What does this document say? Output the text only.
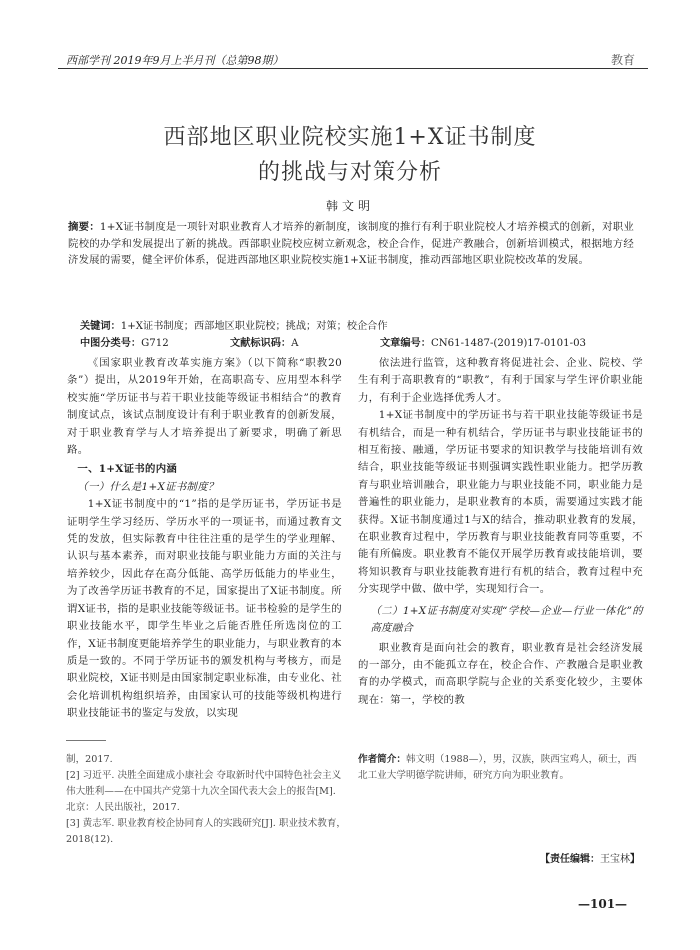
西部学刊 2019年9月上半月刊（总第98期）	教育
西部地区职业院校实施1+X证书制度
的挑战与对策分析
韩文明
摘要：1+X证书制度是一项针对职业教育人才培养的新制度，该制度的推行有利于职业院校人才培养模式的创新，对职业院校的办学和发展提出了新的挑战。西部职业院校应树立新观念，校企合作，促进产教融合，创新培训模式，根据地方经济发展的需要，健全评价体系，促进西部地区职业院校实施1+X证书制度，推动西部地区职业院校改革的发展。
关键词：1+X证书制度；西部地区职业院校；挑战；对策；校企合作
中图分类号：G712	文献标识码：A	文章编号：CN61-1487-(2019)17-0101-03

《国家职业教育改革实施方案》（以下简称“职教20条”）提出，从2019年开始，在高职高专、应用型本科学校实施“学历证书与若干职业技能等级证书相结合”的教育制度试点，该试点制度设计有利于职业教育的创新发展，对于职业教育学与人才培养提出了新要求，明确了新思路。

一、1+X证书的内涵
（一）什么是1+X证书制度？

1+X证书制度中的“1”指的是学历证书，学历证书是证明学生学习经历、学历水平的一项证书，而通过教育文凭的发放，但实际教育中往往注重的是学生的学业理解、认识与基本素养，而对职业技能与职业能力方面的关注与培养较少，因此存在高分低能、高学历低能力的毕业生，为了改善学历证书教育的不足，国家提出了X证书制度。所谓X证书，指的是职业技能等级证书。证书检验的是学生的职业技能水平，即学生毕业之后能否胜任所选岗位的工作，X证书制度更能培养学生的职业能力，与职业教育的本质是一致的。不同于学历证书的颁发机构与考核方，而是职业院校，X证书则是由国家制定职业标准，由专业化、社会化培训机构组织培养，由国家认可的技能等级机构进行职业技能证书的鉴定与发放，以实现

依法进行监管，这种教育将促进社会、企业、院校、学生有利于高职教育的“职教”，有利于国家与学生评价职业能力，有利于企业选择优秀人才。

1+X证书制度中的学历证书与若干职业技能等级证书是有机结合，而是一种有机结合，学历证书与职业技能证书的相互衔接、融通，学历证书要求的知识教学与技能培训有效结合，职业技能等级证书则强调实践性职业能力。把学历教育与职业培训融合，职业能力与职业技能不同，职业能力是普遍性的职业能力，是职业教育的本质，需要通过实践才能获得。X证书制度通过1与X的结合，推动职业教育的发展，在职业教育过程中，学历教育与职业技能教育同等重要，不能有所偏废。职业教育不能仅开展学历教育或技能培训，要将知识教育与职业技能教育进行有机的结合，教育过程中充分实现学中做、做中学，实现知行合一。

（二）1+X证书制度对实现“学校—企业—行业一体化”的高度融合

职业教育是面向社会的教育，职业教育是社会经济发展的一部分，由不能孤立存在，校企合作、产教融合是职业教育的办学模式，而高职学院与企业的关系变化较少，主要体现在：第一，学校的教

制，2017.
[2] 习近平. 决胜全面建成小康社会 夺取新时代中国特色社会主义伟大胜利——在中国共产党第十九次全国代表大会上的报告[M]. 北京：人民出版社，2017.
[3] 黄志军. 职业教育校企协同育人的实践研究[J]. 职业技术教育，2018(12).
作者简介：韩文明（1988—），男，汉族，陕西宝鸡人，硕士，西北工业大学明德学院讲师，研究方向为职业教育。
【责任编辑：王宝林】
—101—
